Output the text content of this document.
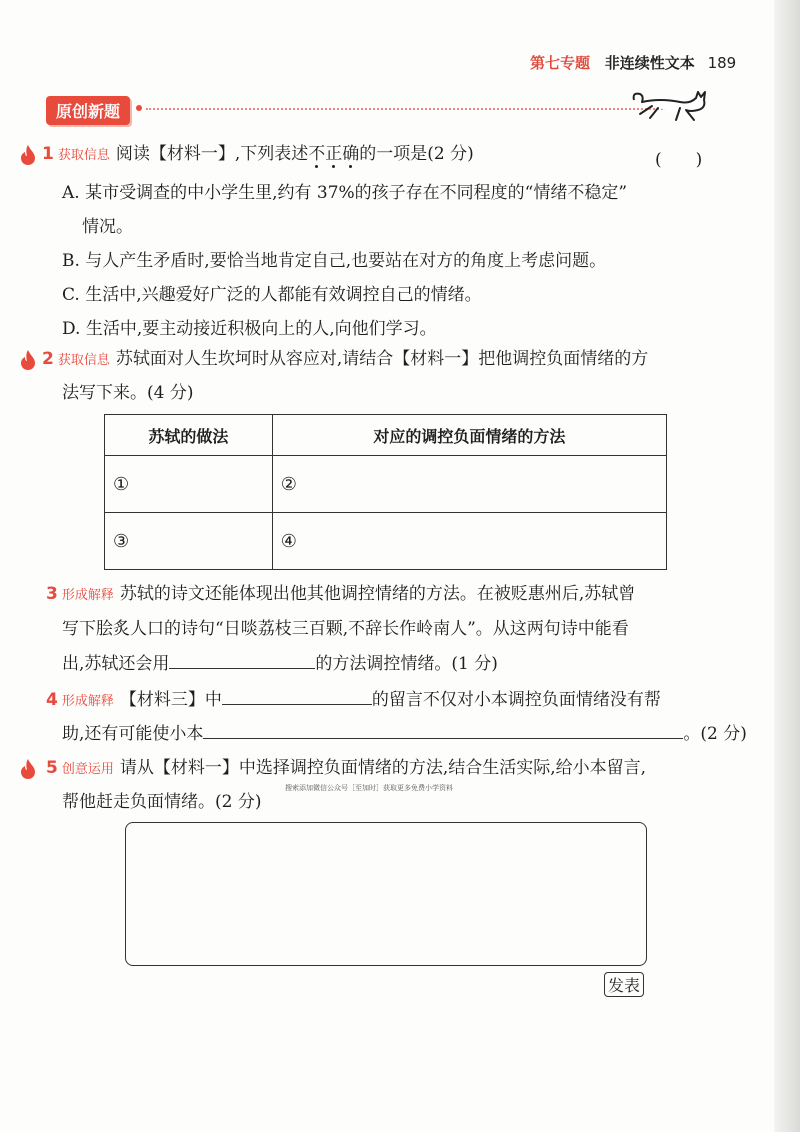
第七专题 非连续性文本 189
原创新题
1 获取信息 阅读【材料一】,下列表述不正确的一项是(2 分)	(　　)
A. 某市受调查的中小学生里,约有 37%的孩子存在不同程度的“情绪不稳定”
情况。
B. 与人产生矛盾时,要恰当地肯定自己,也要站在对方的角度上考虑问题。
C. 生活中,兴趣爱好广泛的人都能有效调控自己的情绪。
D. 生活中,要主动接近积极向上的人,向他们学习。
2 获取信息 苏轼面对人生坎坷时从容应对,请结合【材料一】把他调控负面情绪的方
法写下来。(4 分)
苏轼的做法	对应的调控负面情绪的方法
①	②
③	④
3 形成解释 苏轼的诗文还能体现出他其他调控情绪的方法。在被贬惠州后,苏轼曾
写下脍炙人口的诗句“日啖荔枝三百颗,不辞长作岭南人”。从这两句诗中能看
出,苏轼还会用	的方法调控情绪。(1 分)
4 形成解释 【材料三】中	的留言不仅对小本调控负面情绪没有帮
助,还有可能使小本	。(2 分)
5 创意运用 请从【材料一】中选择调控负面情绪的方法,结合生活实际,给小本留言,
搜索添加微信公众号［至加时］获取更多免费小学资料
帮他赶走负面情绪。(2 分)
发表
